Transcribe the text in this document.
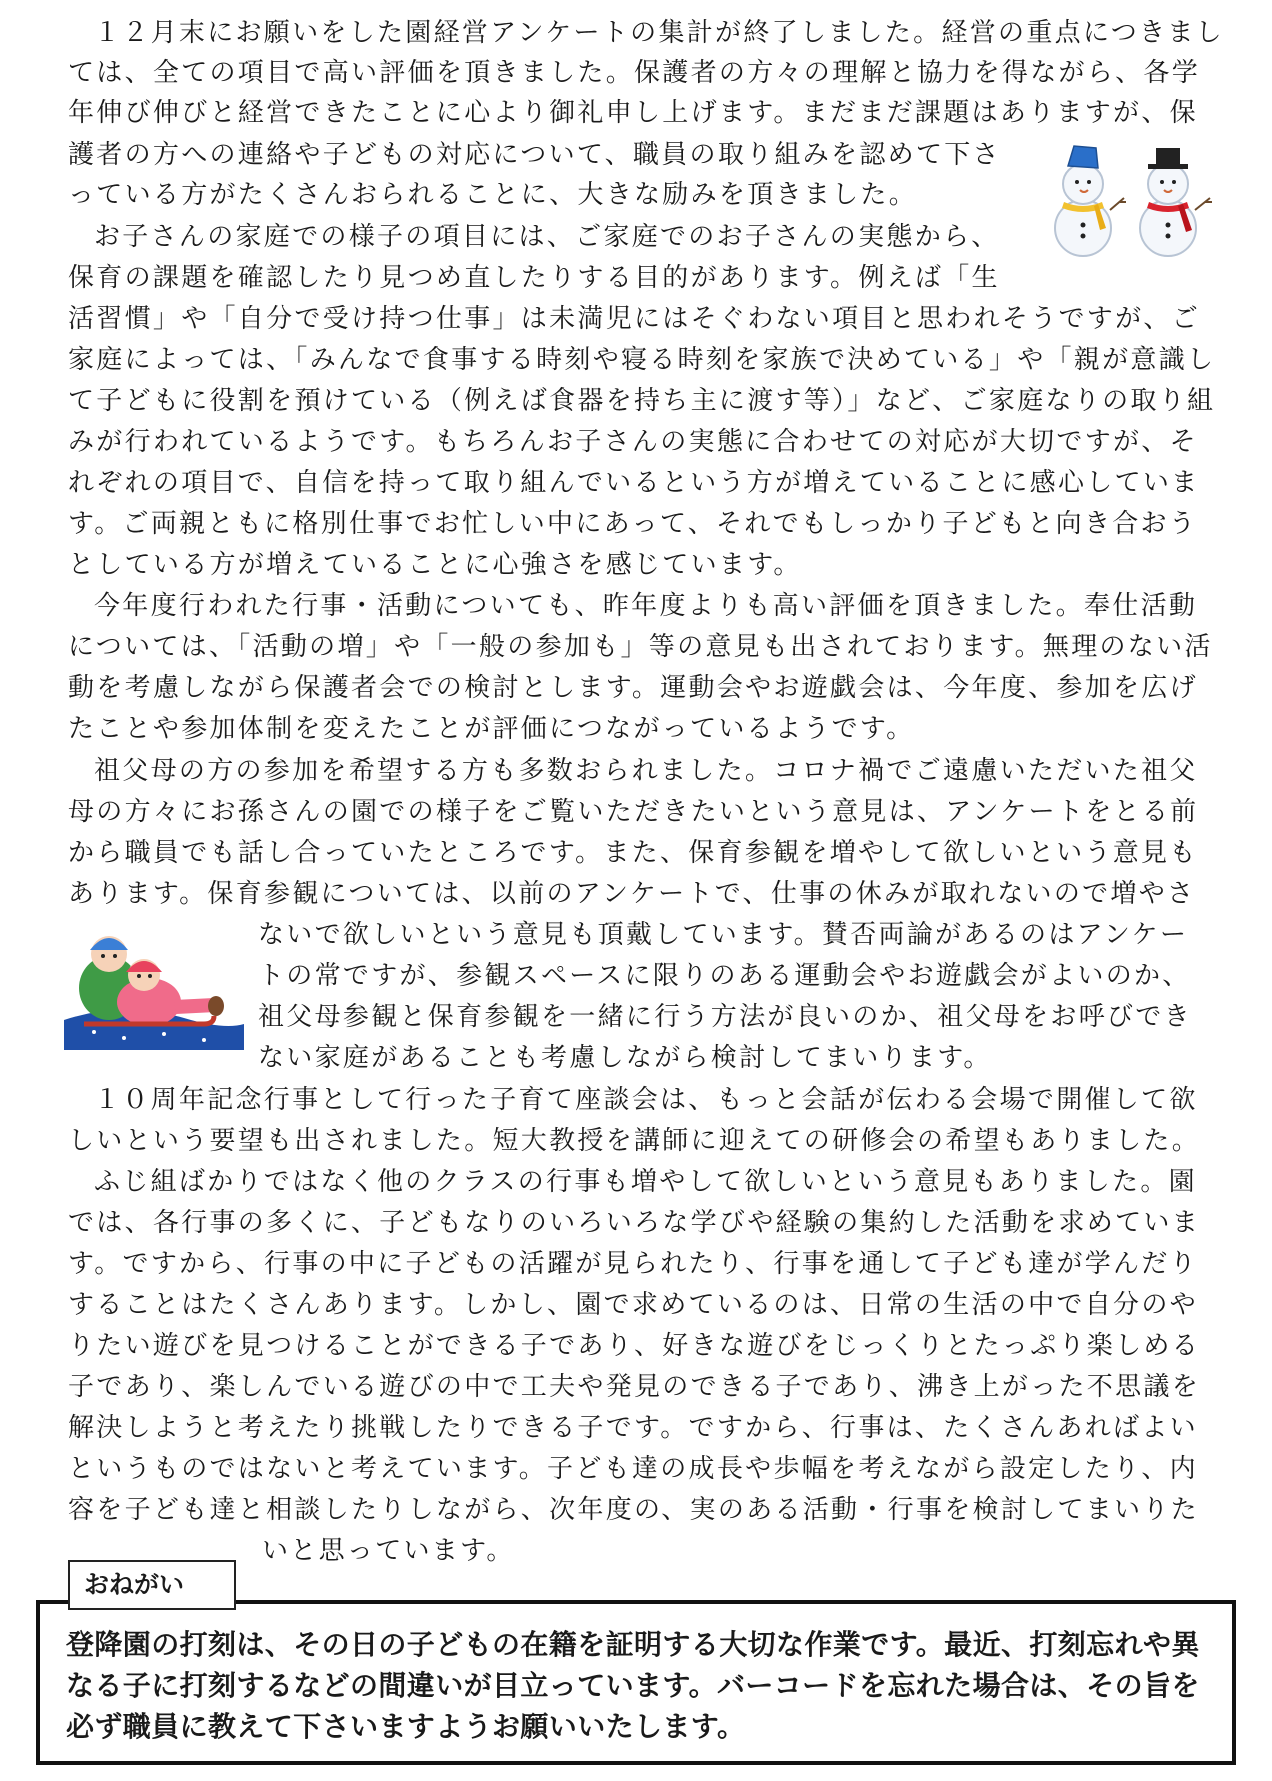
１２月末にお願いをした園経営アンケートの集計が終了しました。経営の重点につきまし
ては、全ての項目で高い評価を頂きました。保護者の方々の理解と協力を得ながら、各学
年伸び伸びと経営できたことに心より御礼申し上げます。まだまだ課題はありますが、保
護者の方への連絡や子どもの対応について、職員の取り組みを認めて下さ
っている方がたくさんおられることに、大きな励みを頂きました。
お子さんの家庭での様子の項目には、ご家庭でのお子さんの実態から、
保育の課題を確認したり見つめ直したりする目的があります。例えば「生
活習慣」や「自分で受け持つ仕事」は未満児にはそぐわない項目と思われそうですが、ご
家庭によっては、「みんなで食事する時刻や寝る時刻を家族で決めている」や「親が意識し
て子どもに役割を預けている（例えば食器を持ち主に渡す等）」など、ご家庭なりの取り組
みが行われているようです。もちろんお子さんの実態に合わせての対応が大切ですが、そ
れぞれの項目で、自信を持って取り組んでいるという方が増えていることに感心していま
す。ご両親ともに格別仕事でお忙しい中にあって、それでもしっかり子どもと向き合おう
としている方が増えていることに心強さを感じています。
今年度行われた行事・活動についても、昨年度よりも高い評価を頂きました。奉仕活動
については、「活動の増」や「一般の参加も」等の意見も出されております。無理のない活
動を考慮しながら保護者会での検討とします。運動会やお遊戯会は、今年度、参加を広げ
たことや参加体制を変えたことが評価につながっているようです。
祖父母の方の参加を希望する方も多数おられました。コロナ禍でご遠慮いただいた祖父
母の方々にお孫さんの園での様子をご覧いただきたいという意見は、アンケートをとる前
から職員でも話し合っていたところです。また、保育参観を増やして欲しいという意見も
あります。保育参観については、以前のアンケートで、仕事の休みが取れないので増やさ
ないで欲しいという意見も頂戴しています。賛否両論があるのはアンケー
トの常ですが、参観スペースに限りのある運動会やお遊戯会がよいのか、
祖父母参観と保育参観を一緒に行う方法が良いのか、祖父母をお呼びでき
ない家庭があることも考慮しながら検討してまいります。
１０周年記念行事として行った子育て座談会は、もっと会話が伝わる会場で開催して欲
しいという要望も出されました。短大教授を講師に迎えての研修会の希望もありました。
ふじ組ばかりではなく他のクラスの行事も増やして欲しいという意見もありました。園
では、各行事の多くに、子どもなりのいろいろな学びや経験の集約した活動を求めていま
す。ですから、行事の中に子どもの活躍が見られたり、行事を通して子ども達が学んだり
することはたくさんあります。しかし、園で求めているのは、日常の生活の中で自分のや
りたい遊びを見つけることができる子であり、好きな遊びをじっくりとたっぷり楽しめる
子であり、楽しんでいる遊びの中で工夫や発見のできる子であり、沸き上がった不思議を
解決しようと考えたり挑戦したりできる子です。ですから、行事は、たくさんあればよい
というものではないと考えています。子ども達の成長や歩幅を考えながら設定したり、内
容を子ども達と相談したりしながら、次年度の、実のある活動・行事を検討してまいりた
いと思っています。
おねがい
登降園の打刻は、その日の子どもの在籍を証明する大切な作業です。最近、打刻忘れや異
なる子に打刻するなどの間違いが目立っています。バーコードを忘れた場合は、その旨を
必ず職員に教えて下さいますようお願いいたします。
